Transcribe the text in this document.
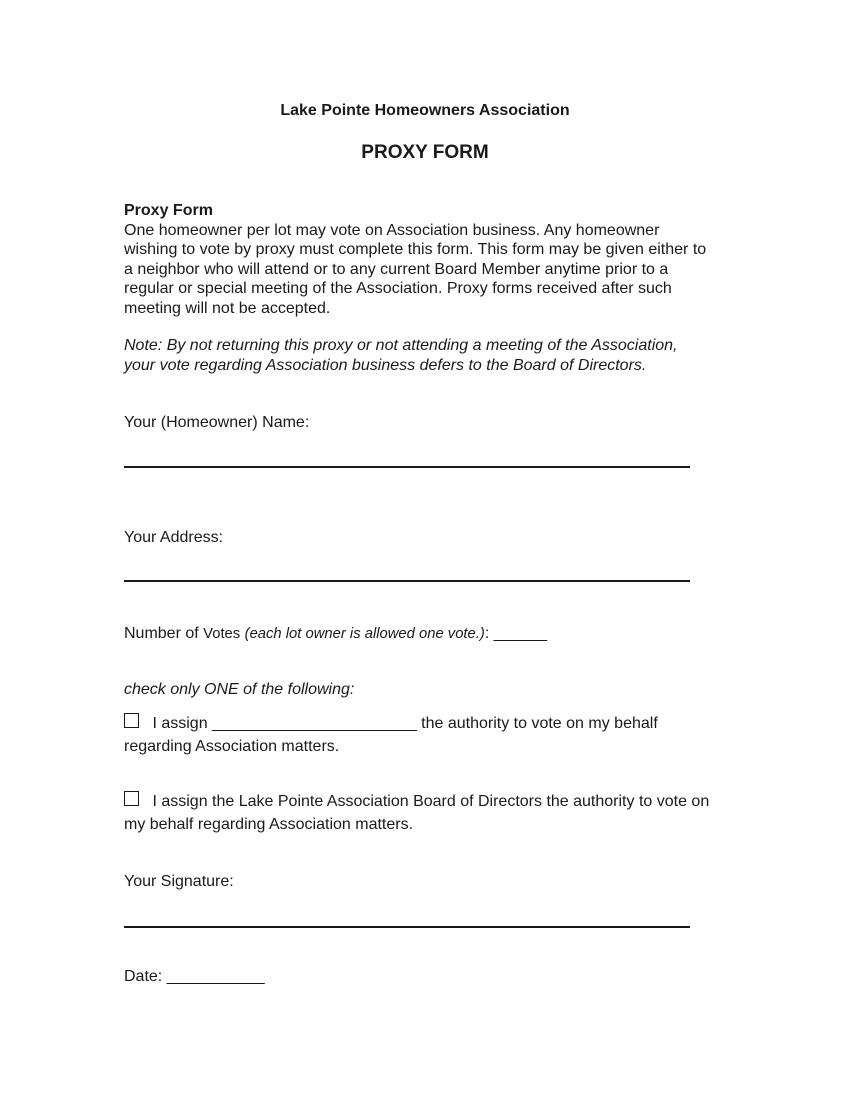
Lake Pointe Homeowners Association
PROXY FORM
Proxy Form

One homeowner per lot may vote on Association business. Any homeowner wishing to vote by proxy must complete this form. This form may be given either to a neighbor who will attend or to any current Board Member anytime prior to a regular or special meeting of the Association. Proxy forms received after such meeting will not be accepted.

Note: By not returning this proxy or not attending a meeting of the Association, your vote regarding Association business defers to the Board of Directors.
Your (Homeowner) Name:
Your Address:
Number of Votes (each lot owner is allowed one vote.): ______
check only ONE of the following:
I assign _______________________ the authority to vote on my behalf regarding Association matters.
I assign the Lake Pointe Association Board of Directors the authority to vote on my behalf regarding Association matters.
Your Signature:
Date: ___________
